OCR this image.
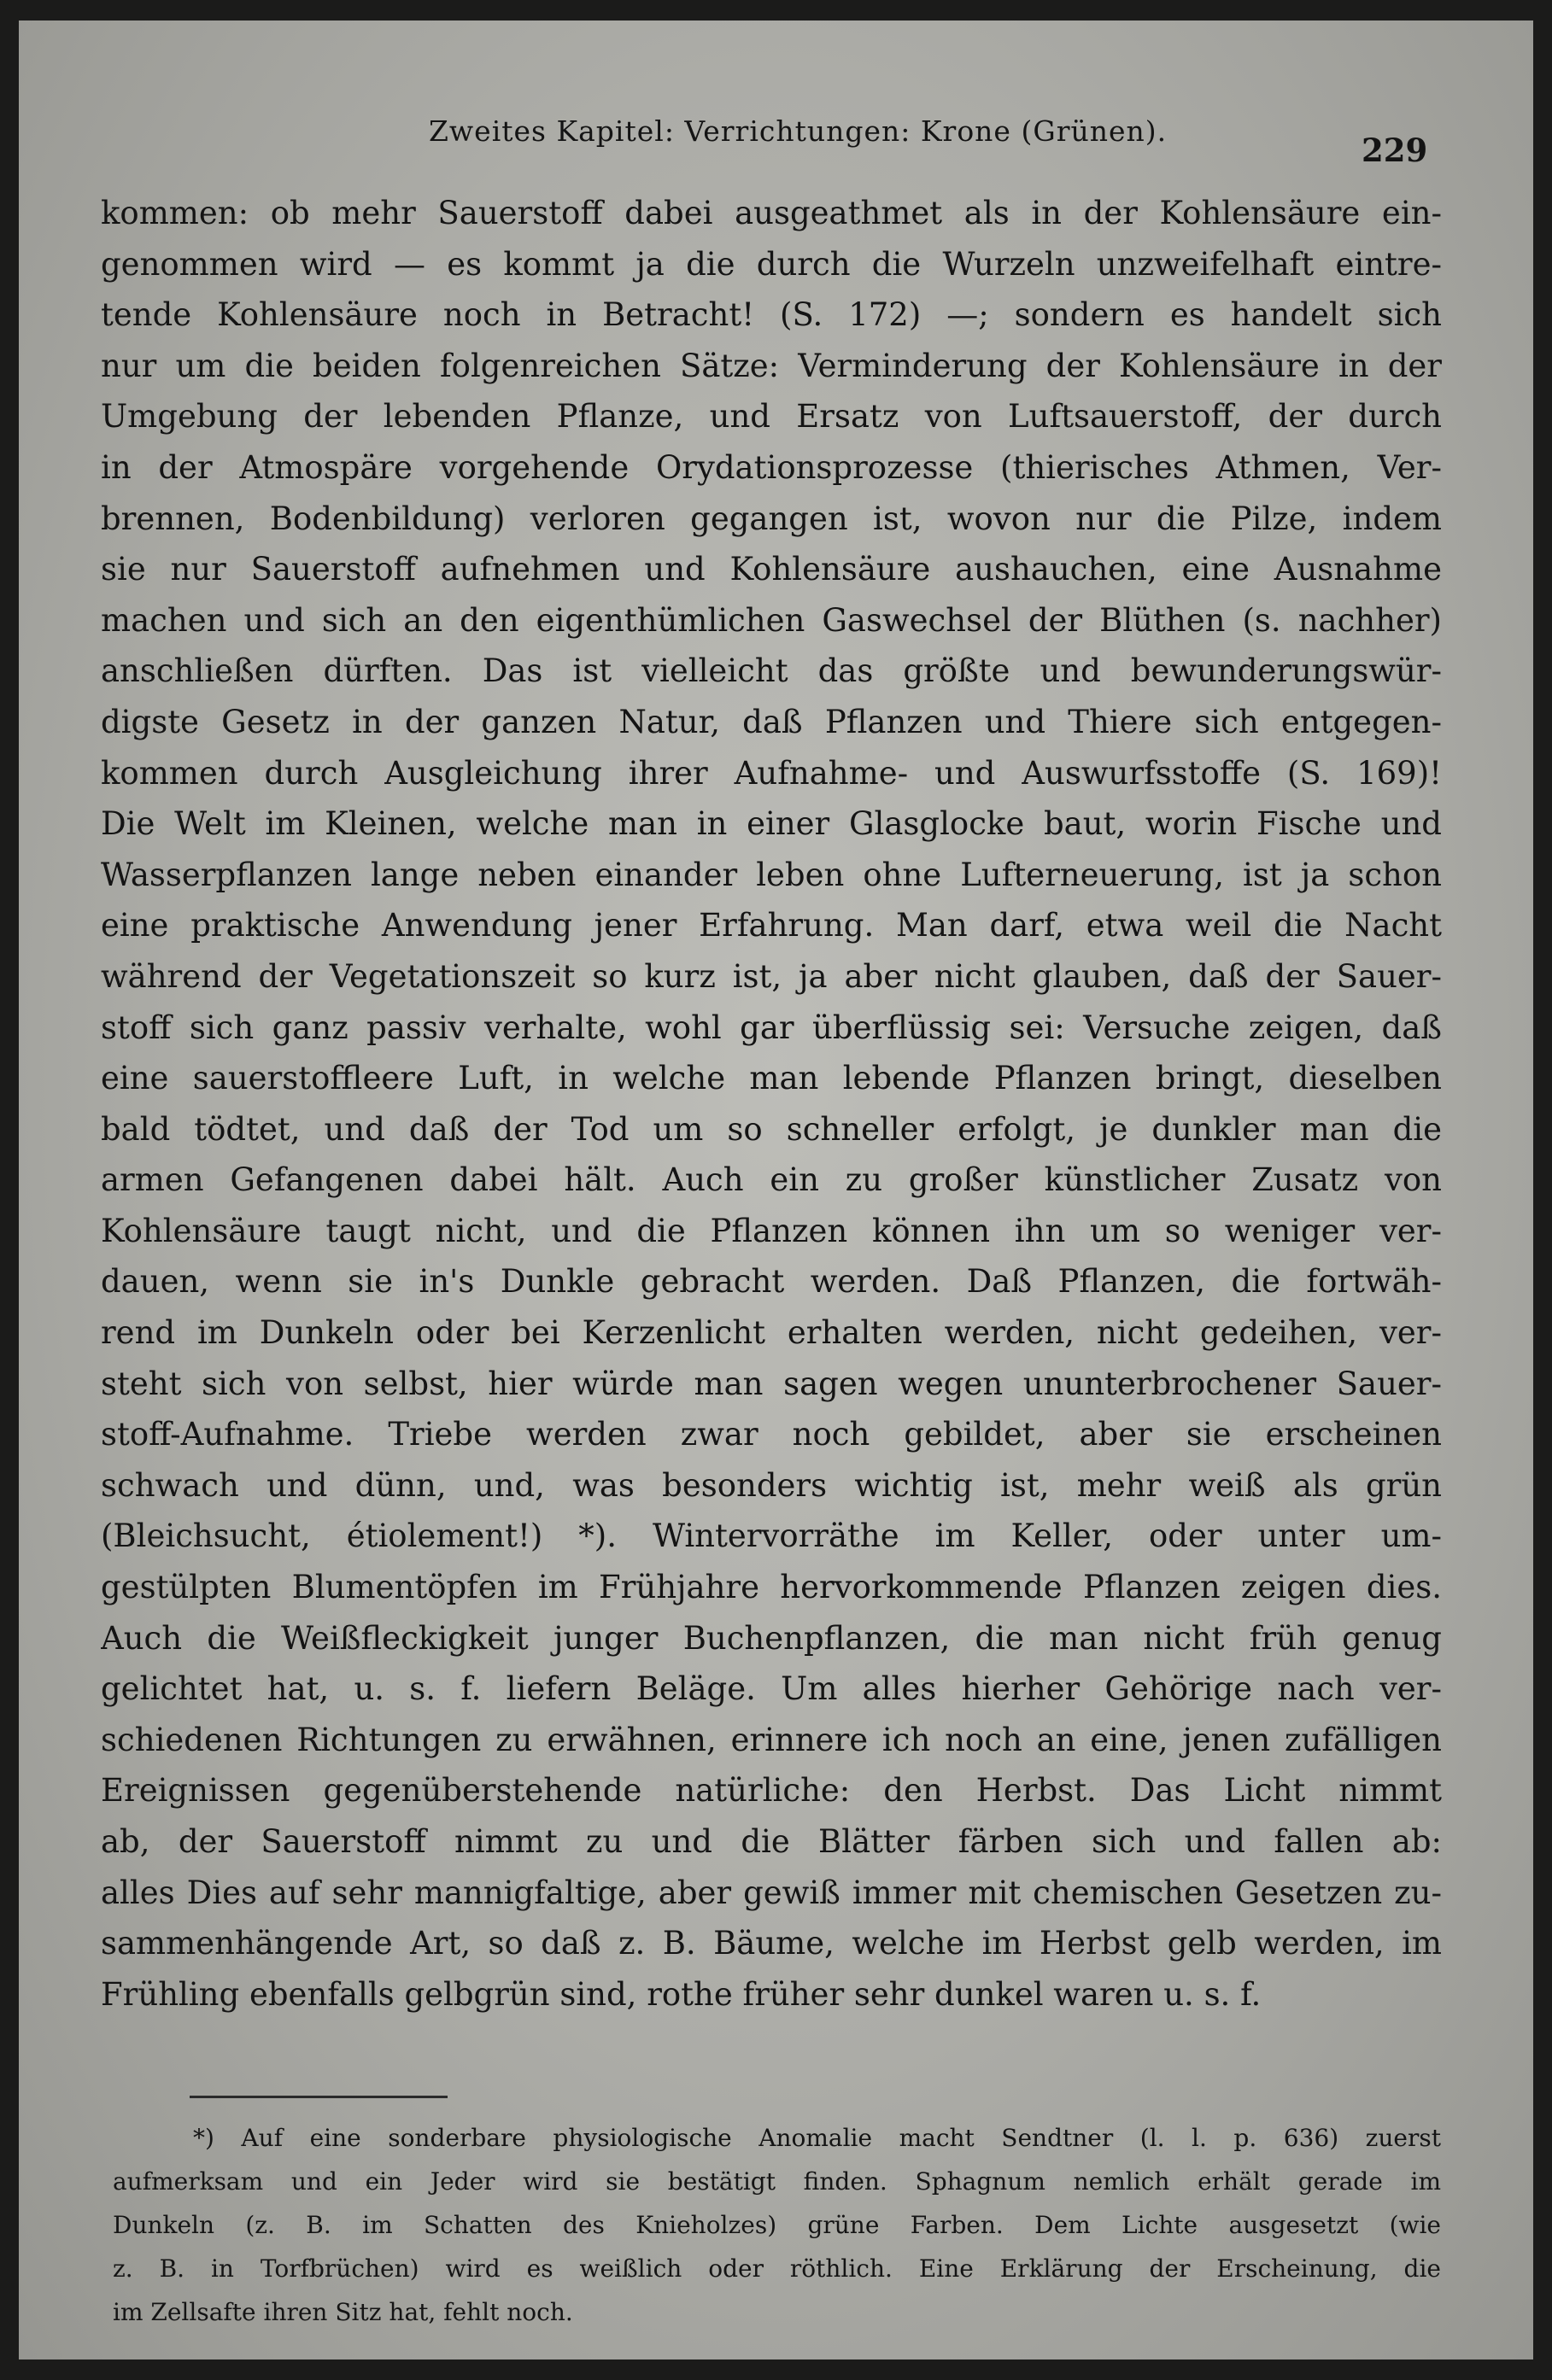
Zweites Kapitel: Verrichtungen: Krone (Grünen).
229
kommen: ob mehr Sauerstoff dabei ausgeathmet als in der Kohlensäure ein-
genommen wird — es kommt ja die durch die Wurzeln unzweifelhaft eintre-
tende Kohlensäure noch in Betracht! (S. 172) —; sondern es handelt sich
nur um die beiden folgenreichen Sätze: Verminderung der Kohlensäure in der
Umgebung der lebenden Pflanze, und Ersatz von Luftsauerstoff, der durch
in der Atmospäre vorgehende Orydationsprozesse (thierisches Athmen, Ver-
brennen, Bodenbildung) verloren gegangen ist, wovon nur die Pilze, indem
sie nur Sauerstoff aufnehmen und Kohlensäure aushauchen, eine Ausnahme
machen und sich an den eigenthümlichen Gaswechsel der Blüthen (s. nachher)
anschließen dürften. Das ist vielleicht das größte und bewunderungswür-
digste Gesetz in der ganzen Natur, daß Pflanzen und Thiere sich entgegen-
kommen durch Ausgleichung ihrer Aufnahme- und Auswurfsstoffe (S. 169)!
Die Welt im Kleinen, welche man in einer Glasglocke baut, worin Fische und
Wasserpflanzen lange neben einander leben ohne Lufterneuerung, ist ja schon
eine praktische Anwendung jener Erfahrung. Man darf, etwa weil die Nacht
während der Vegetationszeit so kurz ist, ja aber nicht glauben, daß der Sauer-
stoff sich ganz passiv verhalte, wohl gar überflüssig sei: Versuche zeigen, daß
eine sauerstoffleere Luft, in welche man lebende Pflanzen bringt, dieselben
bald tödtet, und daß der Tod um so schneller erfolgt, je dunkler man die
armen Gefangenen dabei hält. Auch ein zu großer künstlicher Zusatz von
Kohlensäure taugt nicht, und die Pflanzen können ihn um so weniger ver-
dauen, wenn sie in's Dunkle gebracht werden. Daß Pflanzen, die fortwäh-
rend im Dunkeln oder bei Kerzenlicht erhalten werden, nicht gedeihen, ver-
steht sich von selbst, hier würde man sagen wegen ununterbrochener Sauer-
stoff-Aufnahme. Triebe werden zwar noch gebildet, aber sie erscheinen
schwach und dünn, und, was besonders wichtig ist, mehr weiß als grün
(Bleichsucht, étiolement!) *). Wintervorräthe im Keller, oder unter um-
gestülpten Blumentöpfen im Frühjahre hervorkommende Pflanzen zeigen dies.
Auch die Weißfleckigkeit junger Buchenpflanzen, die man nicht früh genug
gelichtet hat, u. s. f. liefern Beläge. Um alles hierher Gehörige nach ver-
schiedenen Richtungen zu erwähnen, erinnere ich noch an eine, jenen zufälligen
Ereignissen gegenüberstehende natürliche: den Herbst. Das Licht nimmt
ab, der Sauerstoff nimmt zu und die Blätter färben sich und fallen ab:
alles Dies auf sehr mannigfaltige, aber gewiß immer mit chemischen Gesetzen zu-
sammenhängende Art, so daß z. B. Bäume, welche im Herbst gelb werden, im
Frühling ebenfalls gelbgrün sind, rothe früher sehr dunkel waren u. s. f.
*) Auf eine sonderbare physiologische Anomalie macht Sendtner (l. l. p. 636) zuerst
aufmerksam und ein Jeder wird sie bestätigt finden. Sphagnum nemlich erhält gerade im
Dunkeln (z. B. im Schatten des Knieholzes) grüne Farben. Dem Lichte ausgesetzt (wie
z. B. in Torfbrüchen) wird es weißlich oder röthlich. Eine Erklärung der Erscheinung, die
im Zellsafte ihren Sitz hat, fehlt noch.
